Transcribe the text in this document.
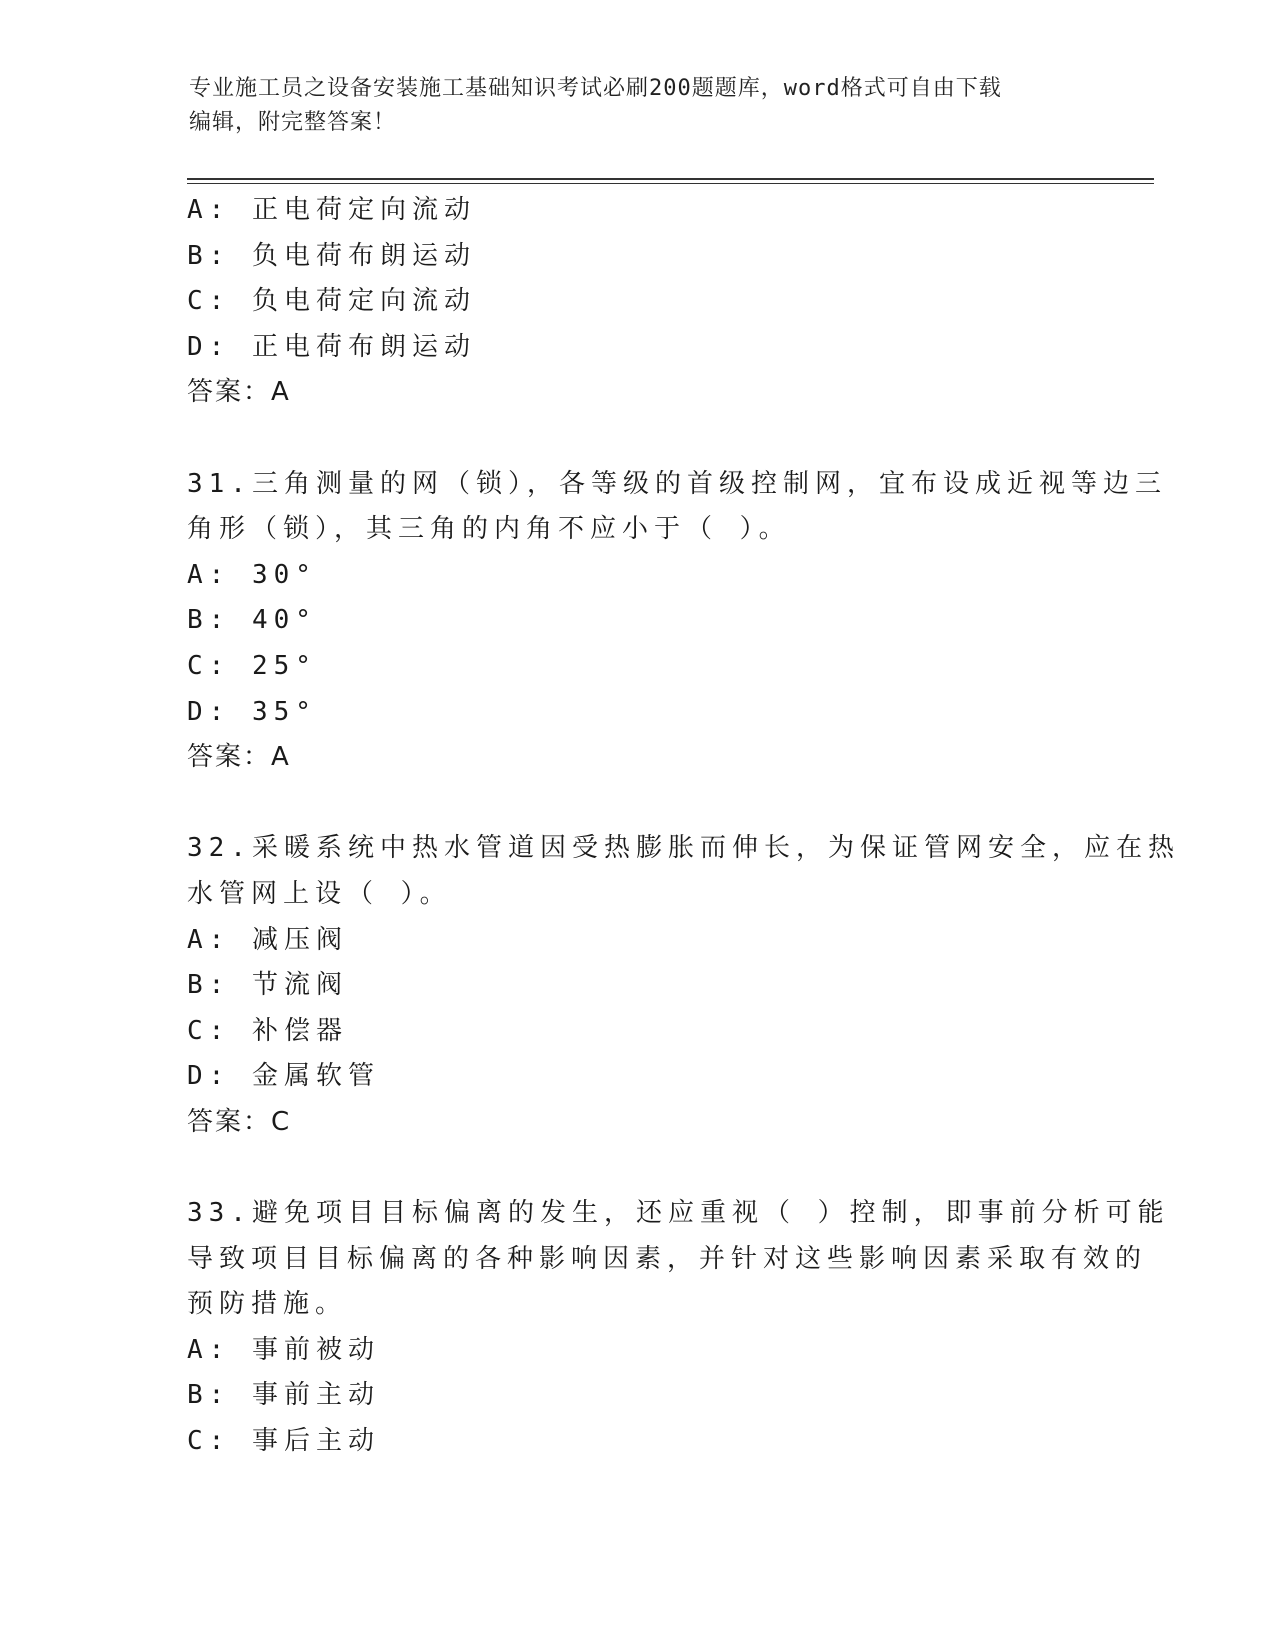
专业施工员之设备安装施工基础知识考试必刷200题题库，word格式可自由下载
编辑，附完整答案！
A: 正电荷定向流动
B: 负电荷布朗运动
C: 负电荷定向流动
D: 正电荷布朗运动
答案：A
31.三角测量的网（锁），各等级的首级控制网，宜布设成近视等边三
角形（锁），其三角的内角不应小于（ ）。
A: 30°
B: 40°
C: 25°
D: 35°
答案：A
32.采暖系统中热水管道因受热膨胀而伸长，为保证管网安全，应在热
水管网上设（ ）。
A: 减压阀
B: 节流阀
C: 补偿器
D: 金属软管
答案：C
33.避免项目目标偏离的发生，还应重视（ ）控制，即事前分析可能
导致项目目标偏离的各种影响因素，并针对这些影响因素采取有效的
预防措施。
A: 事前被动
B: 事前主动
C: 事后主动
